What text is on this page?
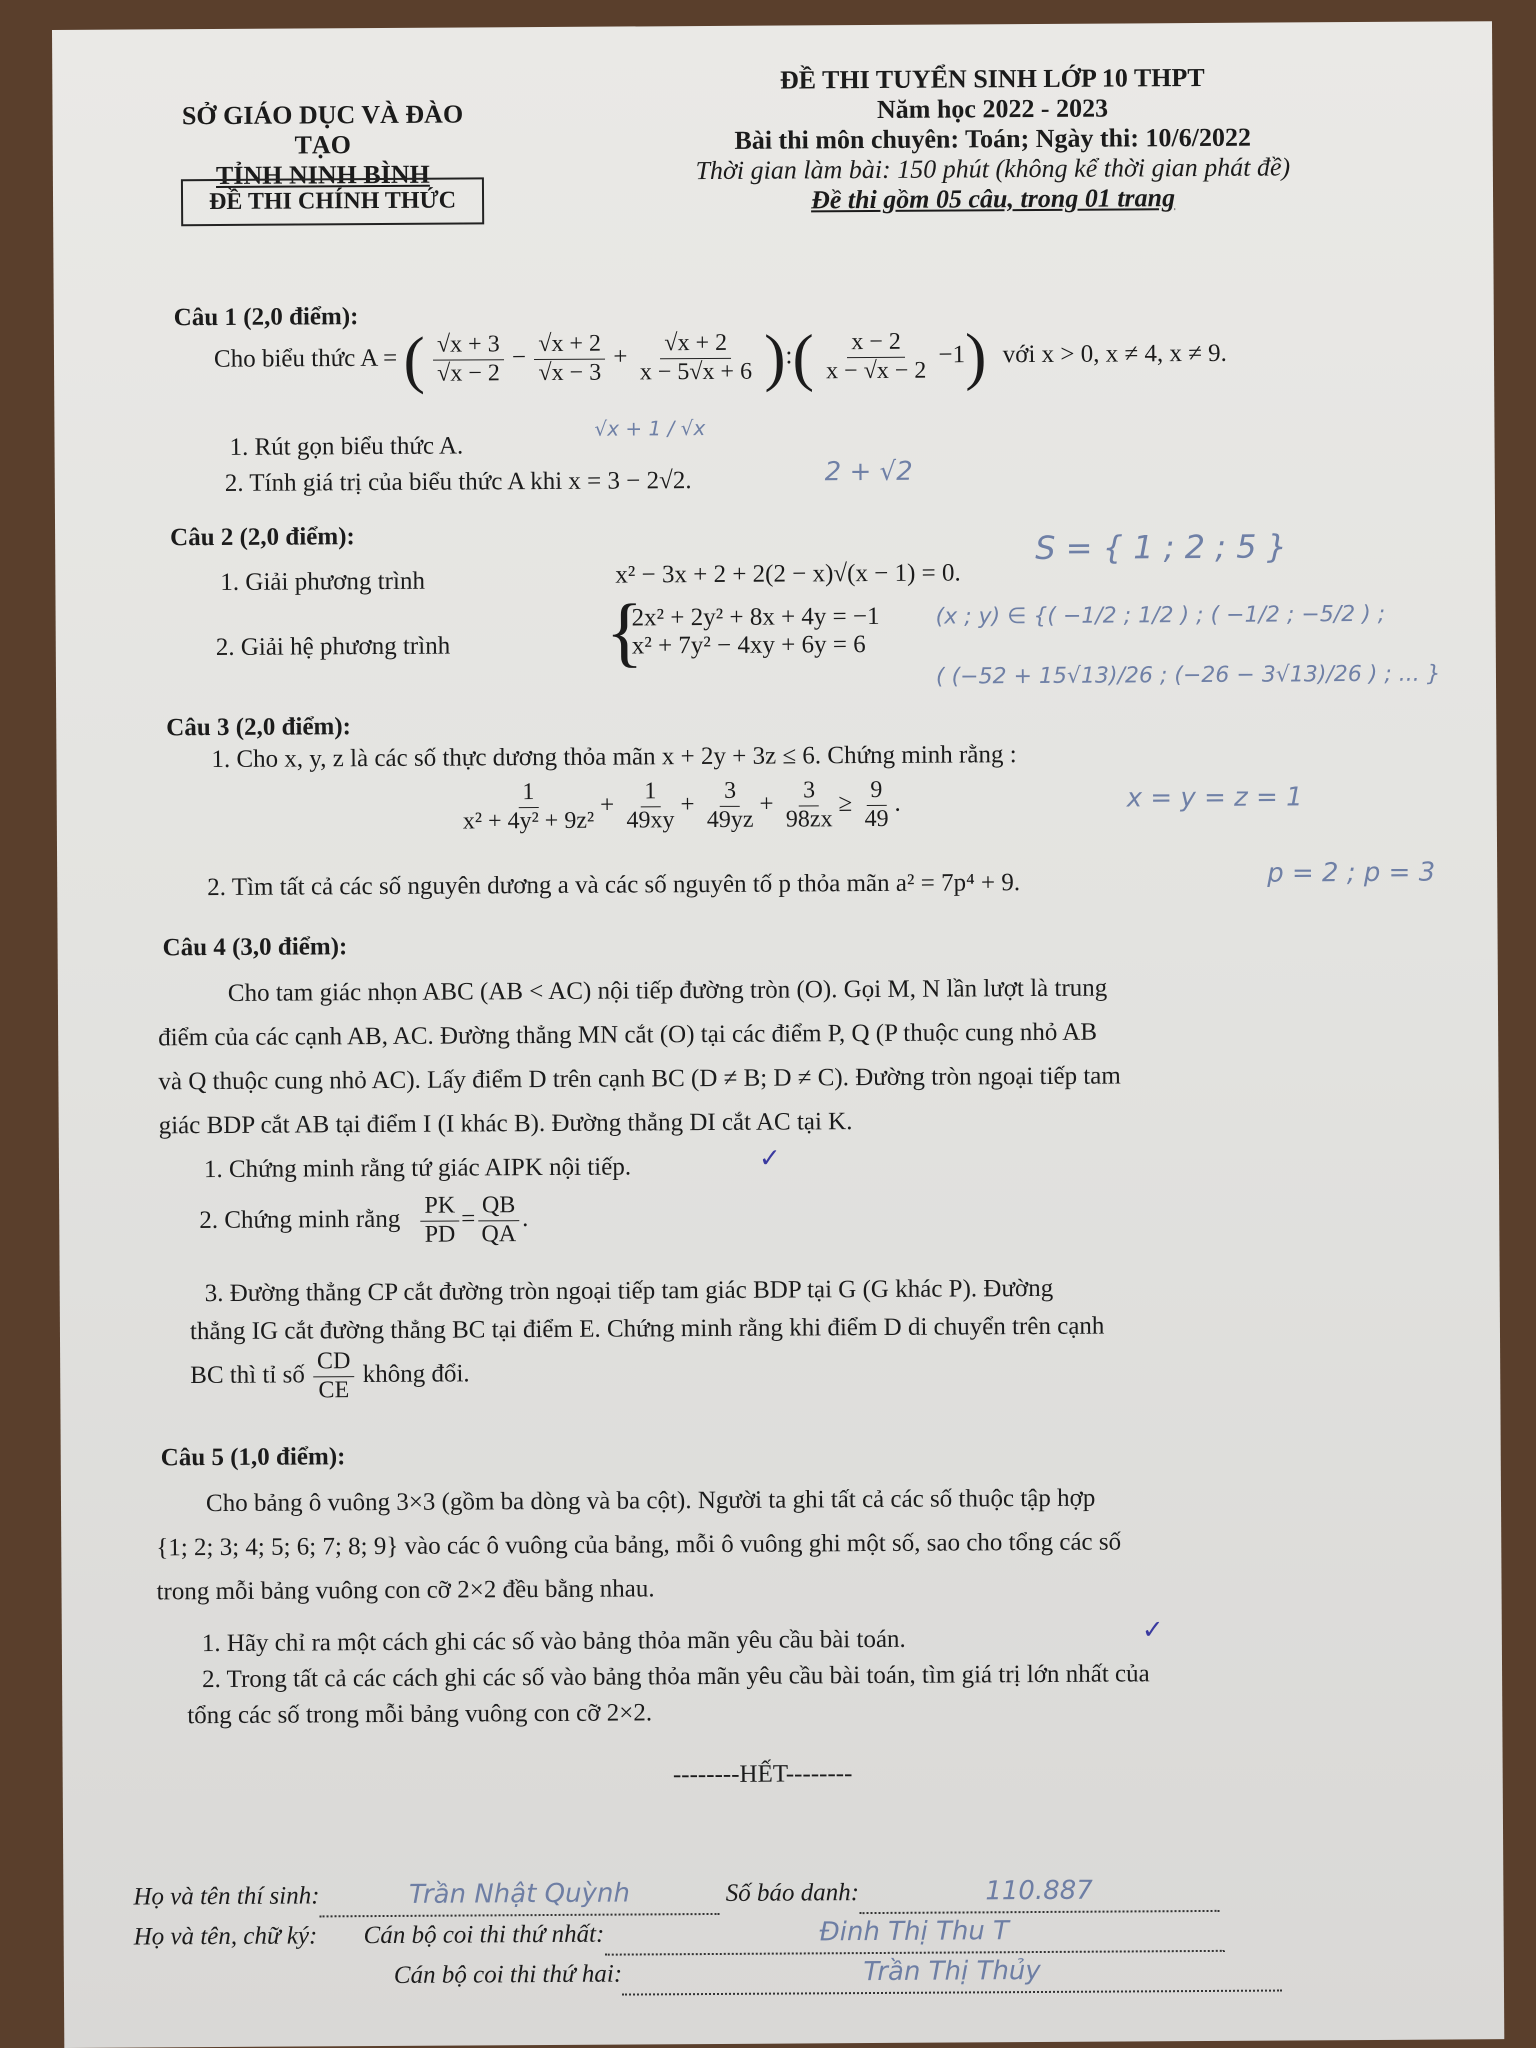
SỞ GIÁO DỤC VÀ ĐÀO TẠO
TỈNH NINH BÌNH
ĐỀ THI CHÍNH THỨC
ĐỀ THI TUYỂN SINH LỚP 10 THPT
Năm học 2022 - 2023
Bài thi môn chuyên: Toán; Ngày thi: 10/6/2022
Thời gian làm bài: 150 phút (không kể thời gian phát đề)
Đề thi gồm 05 câu, trong 01 trang
Câu 1 (2,0 điểm):
Cho biểu thức A = ( $\frac{√x + 3}{√x - 2} - \frac{√x + 2}{√x - 3} + \frac{√x + 2}{x - 5√x + 6}$ ):( $\frac{x - 2}{x - √x - 2} -1$) với x > 0, x ≠ 4, x ≠ 9.
1. Rút gọn biểu thức A.
√x + 1 / √x
2. Tính giá trị của biểu thức A khi x = 3 − 2√2.	2 + √2
Câu 2 (2,0 điểm):
1. Giải phương trình	x² − 3x + 2 + 2(2 − x)√(x − 1) = 0.
S = { 1 ; 2 ; 5 }
2. Giải hệ phương trình {
2x² + 2y² + 8x + 4y = −1
x² + 7y² − 4xy + 6y = 6
(x ; y) ∈ {( −1/2 ; 1/2 ) ; ( −1/2 ; −5/2 ) ;
( (−52 + 15√13)/26 ; (−26 − 3√13)/26 ) ; ... }
Câu 3 (2,0 điểm):
1. Cho x, y, z là các số thực dương thỏa mãn x + 2y + 3z ≤ 6. Chứng minh rằng :
$\frac{1}{\text{x² + 4y² + 9z²}} + \frac{1}{49xy} + \frac{3}{49yz} + \frac{3}{98zx} \ge \frac{9}{49}$ .	x = y = z = 1
2. Tìm tất cả các số nguyên dương a và các số nguyên tố p thỏa mãn a² = 7p⁴ + 9.	p = 2 ; p = 3
Câu 4 (3,0 điểm):
Cho tam giác nhọn ABC (AB < AC) nội tiếp đường tròn (O). Gọi M, N lần lượt là trung
điểm của các cạnh AB, AC. Đường thẳng MN cắt (O) tại các điểm P, Q (P thuộc cung nhỏ AB
và Q thuộc cung nhỏ AC). Lấy điểm D trên cạnh BC (D ≠ B; D ≠ C). Đường tròn ngoại tiếp tam
giác BDP cắt AB tại điểm I (I khác B). Đường thẳng DI cắt AC tại K.
1. Chứng minh rằng tứ giác AIPK nội tiếp.	✓
2. Chứng minh rằng $\frac{PK}{PD} = \frac{QB}{QA}$ .
3. Đường thẳng CP cắt đường tròn ngoại tiếp tam giác BDP tại G (G khác P). Đường
thẳng IG cắt đường thẳng BC tại điểm E. Chứng minh rằng khi điểm D di chuyển trên cạnh
BC thì tỉ số $\frac{CD}{CE}$ không đổi.
Câu 5 (1,0 điểm):
Cho bảng ô vuông 3×3 (gồm ba dòng và ba cột). Người ta ghi tất cả các số thuộc tập hợp
{1; 2; 3; 4; 5; 6; 7; 8; 9} vào các ô vuông của bảng, mỗi ô vuông ghi một số, sao cho tổng các số
trong mỗi bảng vuông con cỡ 2×2 đều bằng nhau.
1. Hãy chỉ ra một cách ghi các số vào bảng thỏa mãn yêu cầu bài toán.	✓
2. Trong tất cả các cách ghi các số vào bảng thỏa mãn yêu cầu bài toán, tìm giá trị lớn nhất của
tổng các số trong mỗi bảng vuông con cỡ 2×2.
--------HẾT--------
Họ và tên thí sinh:	Trần Nhật Quỳnh	Số báo danh:	110.887
Họ và tên, chữ ký: Cán bộ coi thi thứ nhất:	Đinh Thị Thu T
Cán bộ coi thi thứ hai:	Trần Thị Thủy
